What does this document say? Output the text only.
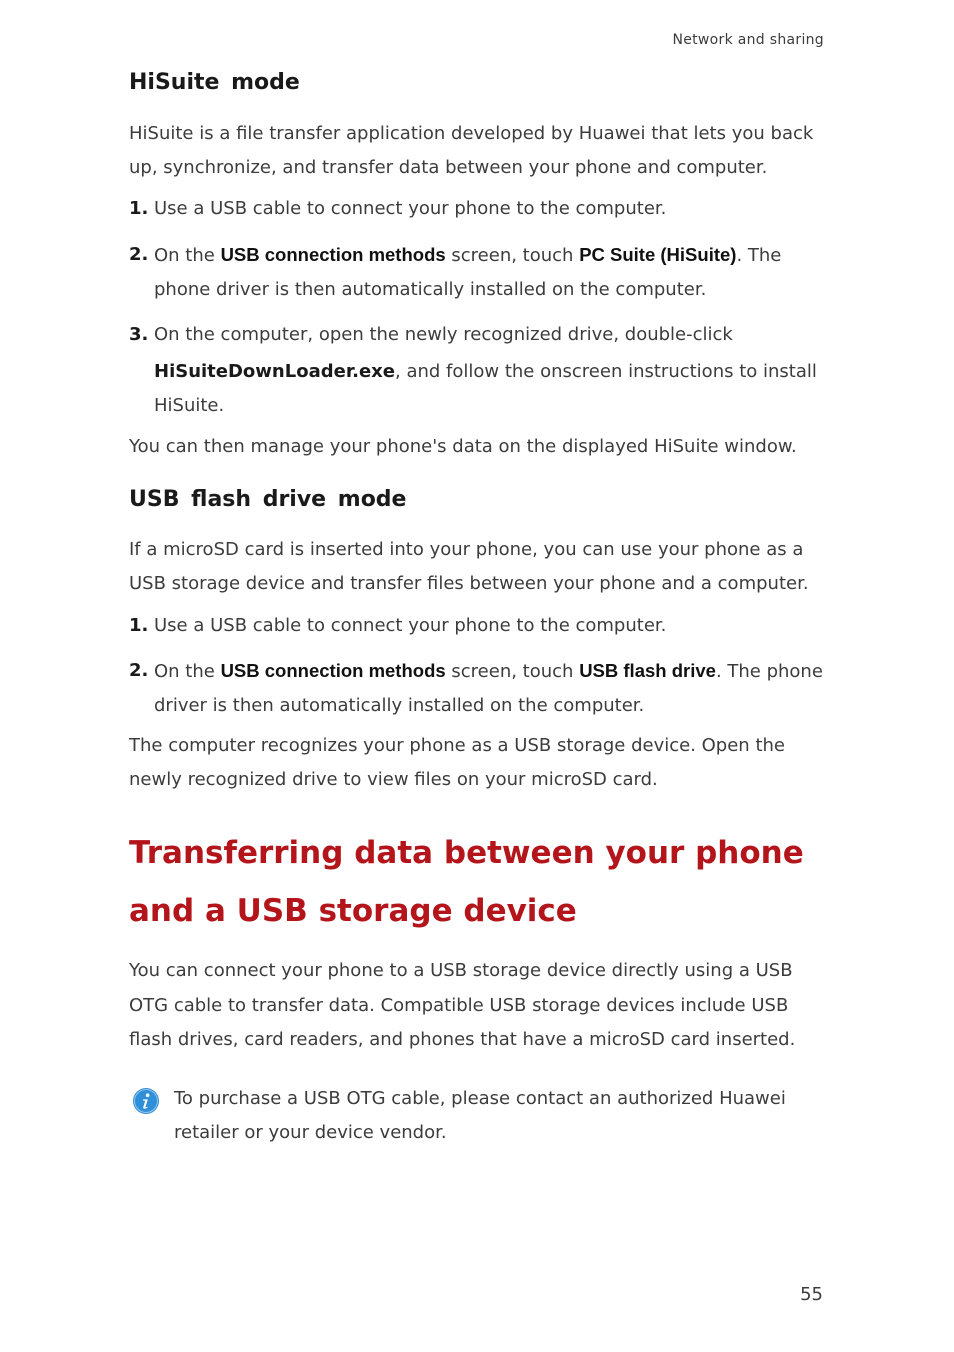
Network and sharing
HiSuite mode
HiSuite is a file transfer application developed by Huawei that lets you back up, synchronize, and transfer data between your phone and computer.
1. Use a USB cable to connect your phone to the computer.
2. On the USB connection methods screen, touch PC Suite (HiSuite). The phone driver is then automatically installed on the computer.
3. On the computer, open the newly recognized drive, double-click
HiSuiteDownLoader.exe, and follow the onscreen instructions to install HiSuite.
You can then manage your phone's data on the displayed HiSuite window.
USB flash drive mode
If a microSD card is inserted into your phone, you can use your phone as a USB storage device and transfer files between your phone and a computer.
1. Use a USB cable to connect your phone to the computer.
2. On the USB connection methods screen, touch USB flash drive. The phone driver is then automatically installed on the computer.
The computer recognizes your phone as a USB storage device. Open the newly recognized drive to view files on your microSD card.
Transferring data between your phone and a USB storage device
You can connect your phone to a USB storage device directly using a USB OTG cable to transfer data. Compatible USB storage devices include USB flash drives, card readers, and phones that have a microSD card inserted.
To purchase a USB OTG cable, please contact an authorized Huawei retailer or your device vendor.
55
